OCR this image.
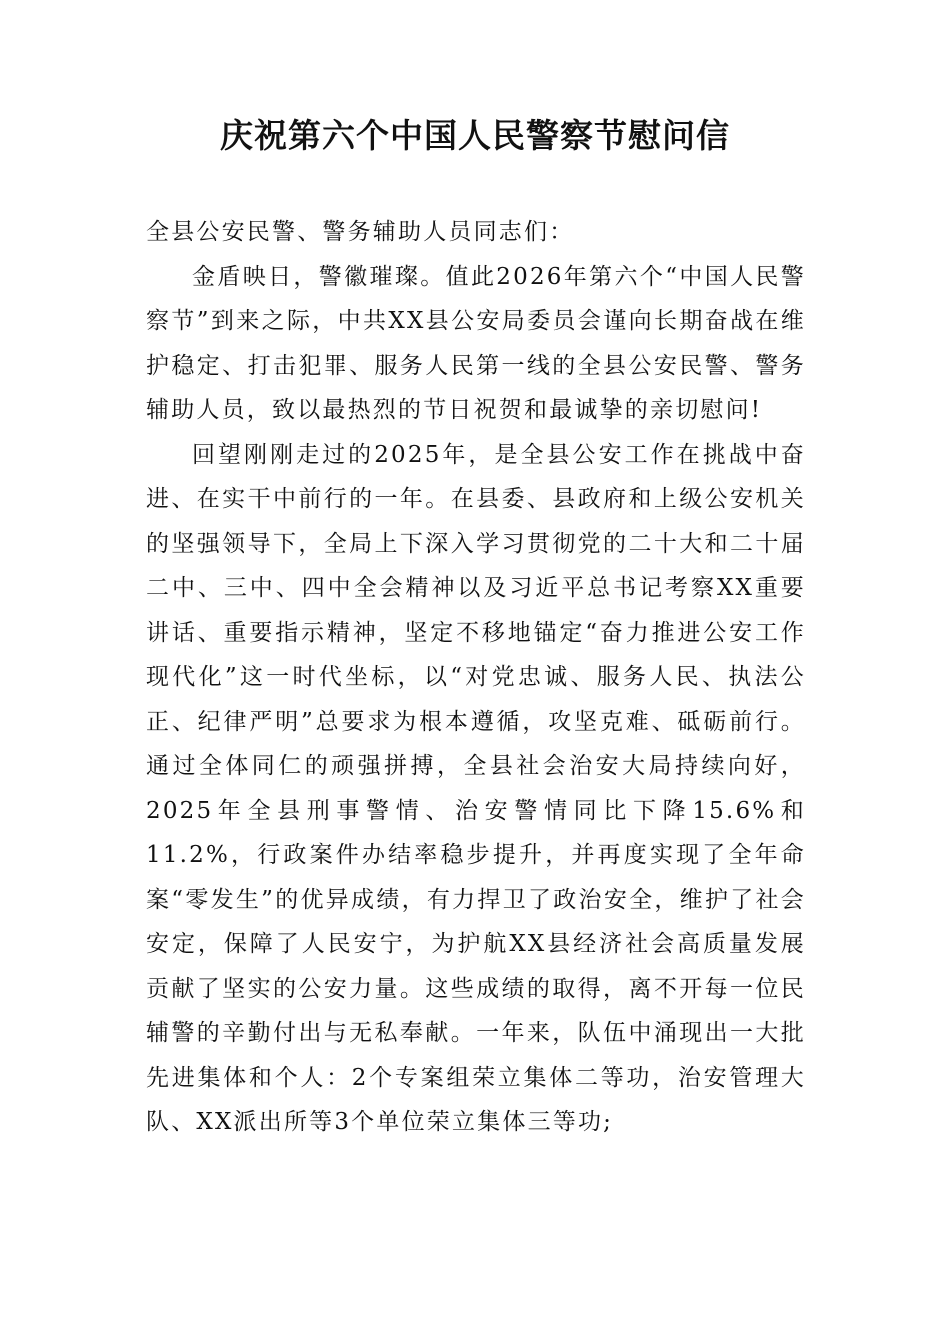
庆祝第六个中国人民警察节慰问信

全县公安民警、警务辅助人员同志们：

金盾映日，警徽璀璨。值此2026年第六个“中国人民警察节”到来之际，中共XX县公安局委员会谨向长期奋战在维护稳定、打击犯罪、服务人民第一线的全县公安民警、警务辅助人员，致以最热烈的节日祝贺和最诚挚的亲切慰问!

回望刚刚走过的2025年，是全县公安工作在挑战中奋进、在实干中前行的一年。在县委、县政府和上级公安机关的坚强领导下，全局上下深入学习贯彻党的二十大和二十届二中、三中、四中全会精神以及习近平总书记考察XX重要讲话、重要指示精神，坚定不移地锚定“奋力推进公安工作现代化”这一时代坐标，以“对党忠诚、服务人民、执法公正、纪律严明”总要求为根本遵循，攻坚克难、砥砺前行。通过全体同仁的顽强拼搏，全县社会治安大局持续向好，2025年全县刑事警情、治安警情同比下降15.6%和11.2%，行政案件办结率稳步提升，并再度实现了全年命案“零发生”的优异成绩，有力捍卫了政治安全，维护了社会安定，保障了人民安宁，为护航XX县经济社会高质量发展贡献了坚实的公安力量。这些成绩的取得，离不开每一位民辅警的辛勤付出与无私奉献。一年来，队伍中涌现出一大批先进集体和个人：2个专案组荣立集体二等功，治安管理大队、XX派出所等3个单位荣立集体三等功;
